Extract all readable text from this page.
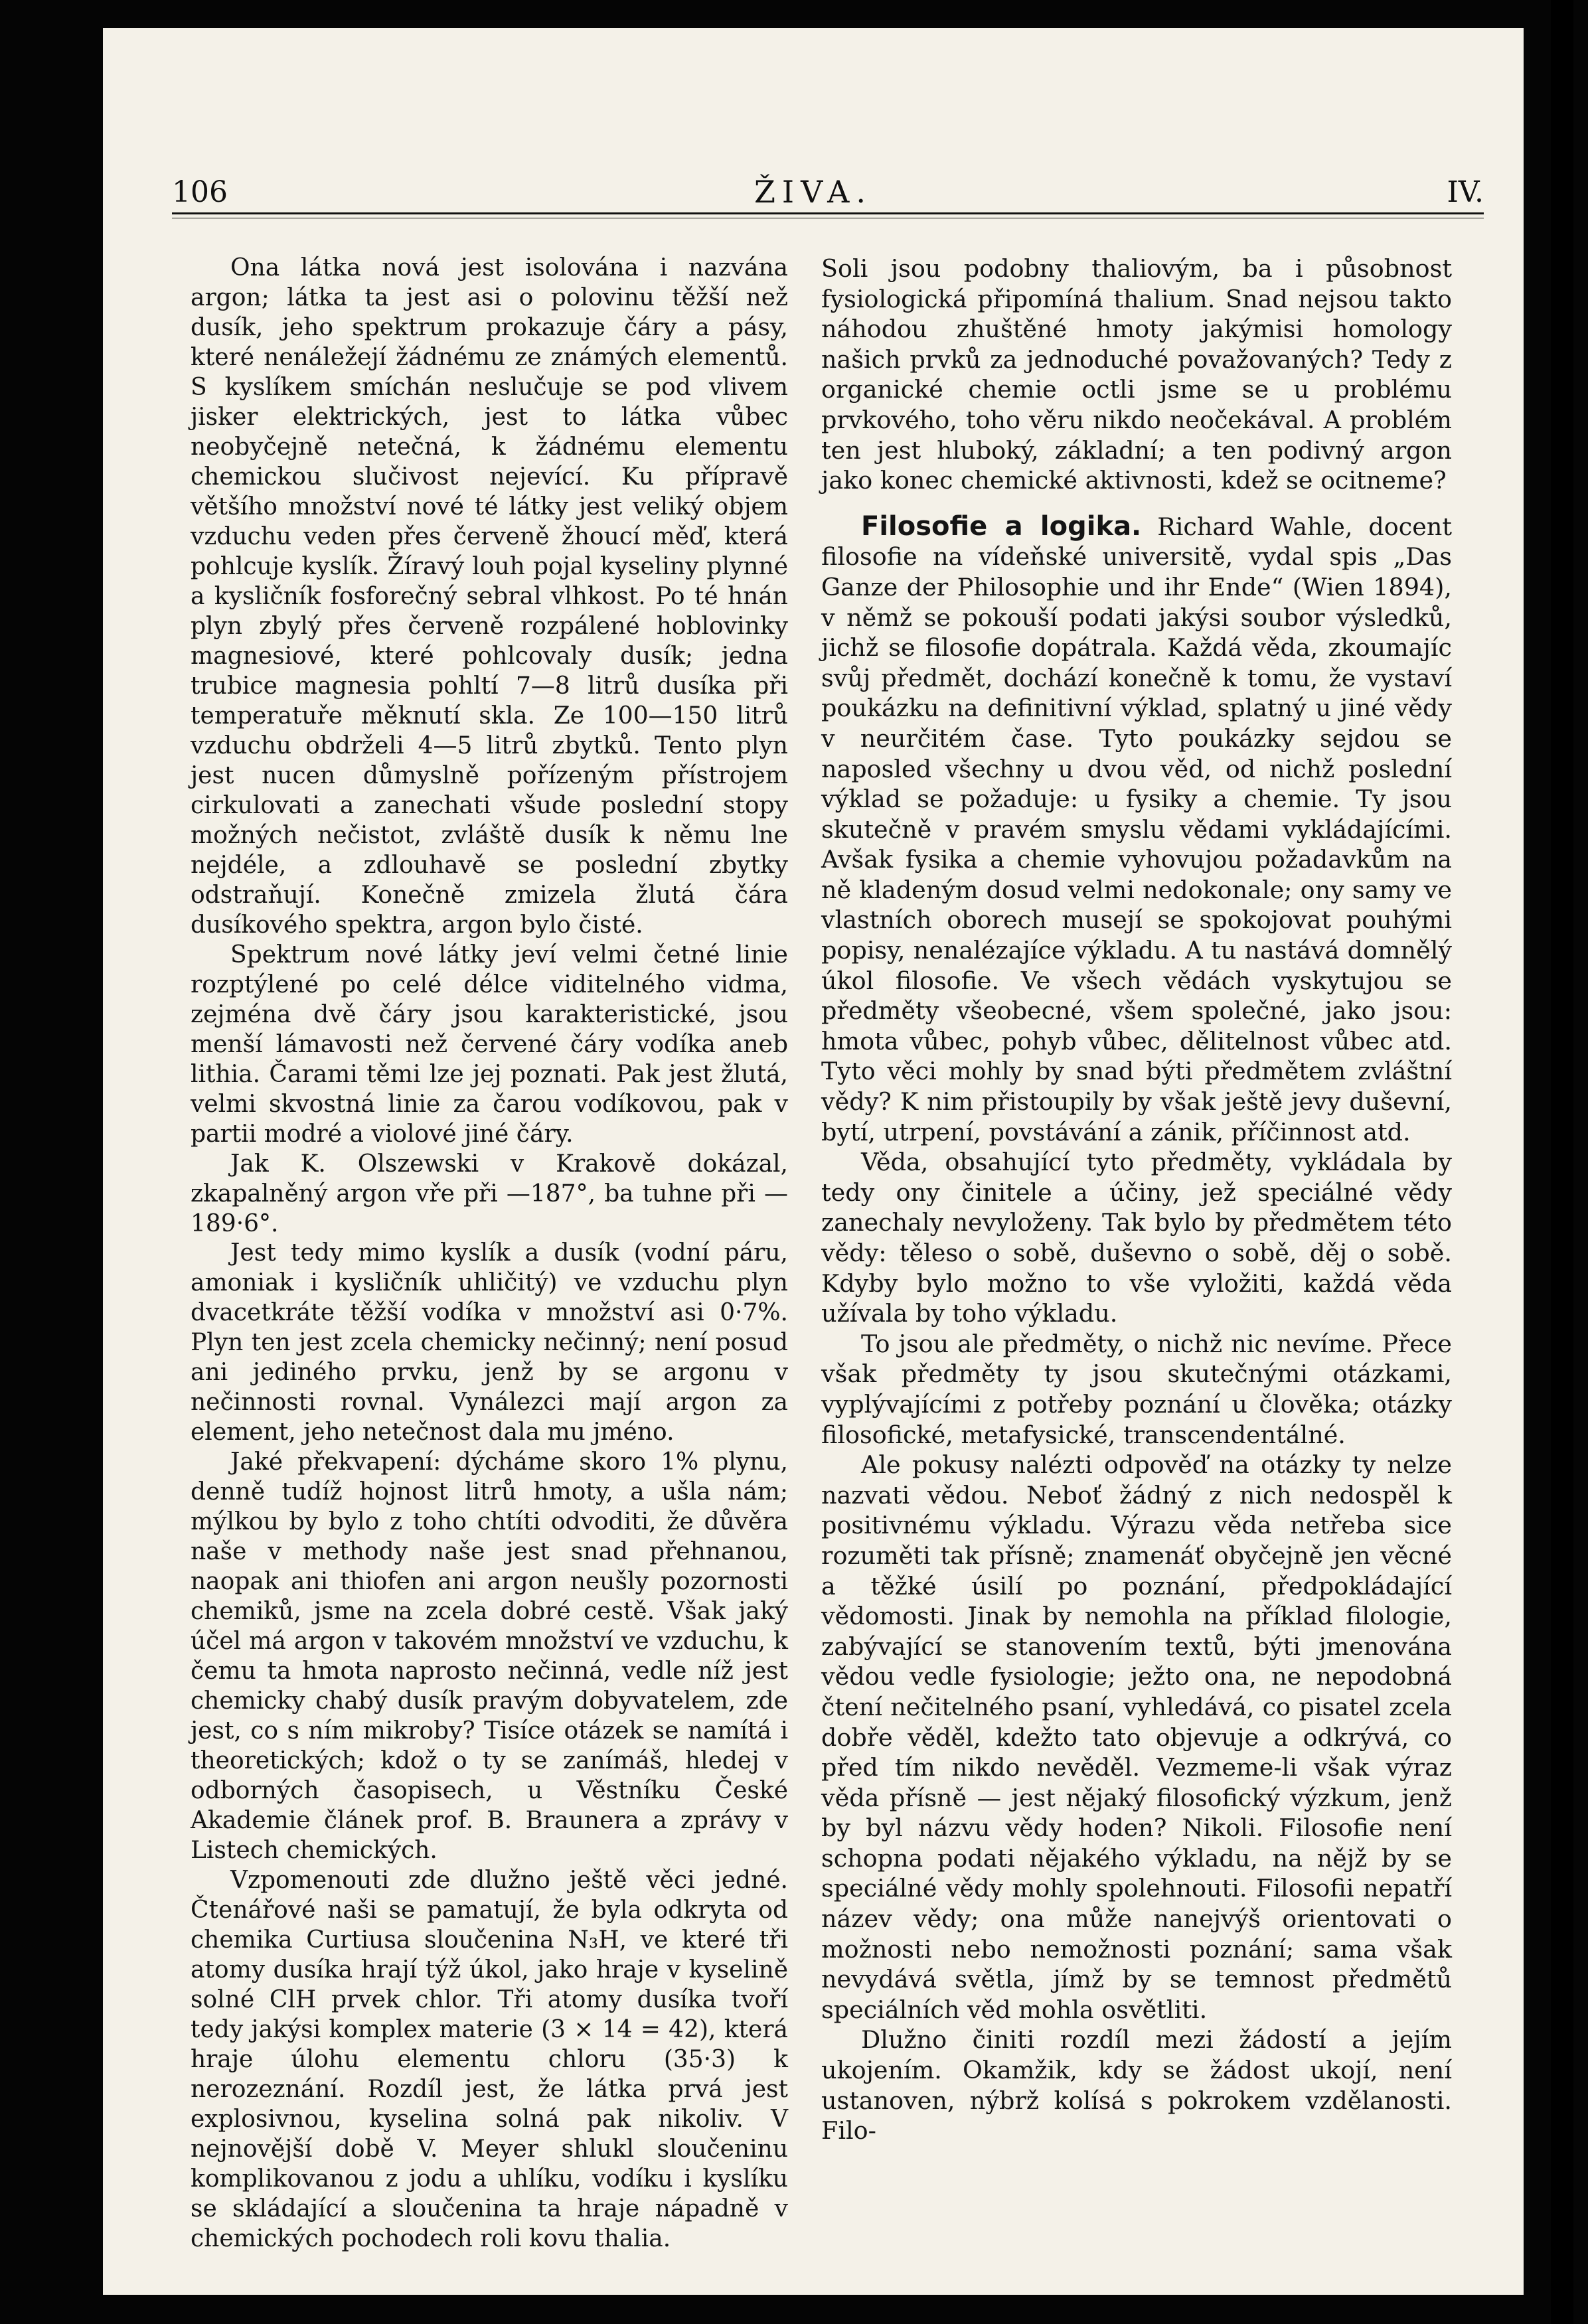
106	ŽIVA.	IV.

Ona látka nová jest isolována i nazvána argon; látka ta jest asi o polovinu těžší než dusík, jeho spektrum prokazuje čáry a pásy, které nenáležejí žádnému ze známých elementů. S kyslíkem smíchán neslučuje se pod vlivem jisker elektrických, jest to látka vůbec neobyčejně netečná, k žádnému elementu chemickou slučivost nejevící. Ku přípravě většího množství nové té látky jest veliký objem vzduchu veden přes červeně žhoucí měď, která pohlcuje kyslík. Žíravý louh pojal kyseliny plynné a kysličník fosforečný sebral vlhkost. Po té hnán plyn zbylý přes červeně rozpálené hoblovinky magnesiové, které pohlcovaly dusík; jedna trubice magnesia pohltí 7—8 litrů dusíka při temperatuře měknutí skla. Ze 100—150 litrů vzduchu obdrželi 4—5 litrů zbytků. Tento plyn jest nucen důmyslně pořízeným přístrojem cirkulovati a zanechati všude poslední stopy možných nečistot, zvláště dusík k němu lne nejdéle, a zdlouhavě se poslední zbytky odstraňují. Konečně zmizela žlutá čára dusíkového spektra, argon bylo čisté.

Spektrum nové látky jeví velmi četné linie rozptýlené po celé délce viditelného vidma, zejména dvě čáry jsou karakteristické, jsou menší lámavosti než červené čáry vodíka aneb lithia. Čarami těmi lze jej poznati. Pak jest žlutá, velmi skvostná linie za čarou vodíkovou, pak v partii modré a violové jiné čáry.

Jak K. Olszewski v Krakově dokázal, zkapalněný argon vře při —187°, ba tuhne při —189·6°.

Jest tedy mimo kyslík a dusík (vodní páru, amoniak i kysličník uhličitý) ve vzduchu plyn dvacetkráte těžší vodíka v množství asi 0·7%. Plyn ten jest zcela chemicky nečinný; není posud ani jediného prvku, jenž by se argonu v nečinnosti rovnal. Vynálezci mají argon za element, jeho netečnost dala mu jméno.

Jaké překvapení: dýcháme skoro 1% plynu, denně tudíž hojnost litrů hmoty, a ušla nám; mýlkou by bylo z toho chtíti odvoditi, že důvěra naše v methody naše jest snad přehnanou, naopak ani thiofen ani argon neušly pozornosti chemiků, jsme na zcela dobré cestě. Však jaký účel má argon v takovém množství ve vzduchu, k čemu ta hmota naprosto nečinná, vedle níž jest chemicky chabý dusík pravým dobyvatelem, zde jest, co s ním mikroby? Tisíce otázek se namítá i theoretických; kdož o ty se zanímáš, hledej v odborných časopisech, u Věstníku České Akademie článek prof. B. Braunera a zprávy v Listech chemických.

Vzpomenouti zde dlužno ještě věci jedné. Čtenářové naši se pamatují, že byla odkryta od chemika Curtiusa sloučenina N₃H, ve které tři atomy dusíka hrají týž úkol, jako hraje v kyselině solné ClH prvek chlor. Tři atomy dusíka tvoří tedy jakýsi komplex materie (3 × 14 = 42), která hraje úlohu elementu chloru (35·3) k nerozeznání. Rozdíl jest, že látka prvá jest explosivnou, kyselina solná pak nikoliv. V nejnovější době V. Meyer shlukl sloučeninu komplikovanou z jodu a uhlíku, vodíku i kyslíku se skládající a sloučenina ta hraje nápadně v chemických pochodech roli kovu thalia.

Soli jsou podobny thaliovým, ba i působnost fysiologická připomíná thalium. Snad nejsou takto náhodou zhuštěné hmoty jakýmisi homology našich prvků za jednoduché považovaných? Tedy z organické chemie octli jsme se u problému prvkového, toho věru nikdo neočekával. A problém ten jest hluboký, základní; a ten podivný argon jako konec chemické aktivnosti, kdež se ocitneme?

Filosofie a logika. Richard Wahle, docent filosofie na vídeňské universitě, vydal spis „Das Ganze der Philosophie und ihr Ende“ (Wien 1894), v němž se pokouší podati jakýsi soubor výsledků, jichž se filosofie dopátrala. Každá věda, zkoumajíc svůj předmět, dochází konečně k tomu, že vystaví poukázku na definitivní výklad, splatný u jiné vědy v neurčitém čase. Tyto poukázky sejdou se naposled všechny u dvou věd, od nichž poslední výklad se požaduje: u fysiky a chemie. Ty jsou skutečně v pravém smyslu vědami vykládajícími. Avšak fysika a chemie vyhovujou požadavkům na ně kladeným dosud velmi nedokonale; ony samy ve vlastních oborech musejí se spokojovat pouhými popisy, nenalézajíce výkladu. A tu nastává domnělý úkol filosofie. Ve všech vědách vyskytujou se předměty všeobecné, všem společné, jako jsou: hmota vůbec, pohyb vůbec, dělitelnost vůbec atd. Tyto věci mohly by snad býti předmětem zvláštní vědy? K nim přistoupily by však ještě jevy duševní, bytí, utrpení, povstávání a zánik, příčinnost atd.

Věda, obsahující tyto předměty, vykládala by tedy ony činitele a účiny, jež speciálné vědy zanechaly nevyloženy. Tak bylo by předmětem této vědy: těleso o sobě, duševno o sobě, děj o sobě. Kdyby bylo možno to vše vyložiti, každá věda užívala by toho výkladu.

To jsou ale předměty, o nichž nic nevíme. Přece však předměty ty jsou skutečnými otázkami, vyplývajícími z potřeby poznání u člověka; otázky filosofické, metafysické, transcendentálné.

Ale pokusy nalézti odpověď na otázky ty nelze nazvati vědou. Neboť žádný z nich nedospěl k positivnému výkladu. Výrazu věda netřeba sice rozuměti tak přísně; znamenáť obyčejně jen věcné a těžké úsilí po poznání, předpokládající vědomosti. Jinak by nemohla na příklad filologie, zabývající se stanovením textů, býti jmenována vědou vedle fysiologie; ježto ona, ne nepodobná čtení nečitelného psaní, vyhledává, co pisatel zcela dobře věděl, kdežto tato objevuje a odkrývá, co před tím nikdo nevěděl. Vezmeme-li však výraz věda přísně — jest nějaký filosofický výzkum, jenž by byl názvu vědy hoden? Nikoli. Filosofie není schopna podati nějakého výkladu, na nějž by se speciálné vědy mohly spolehnouti. Filosofii nepatří název vědy; ona může nanejvýš orientovati o možnosti nebo nemožnosti poznání; sama však nevydává světla, jímž by se temnost předmětů speciálních věd mohla osvětliti.

Dlužno činiti rozdíl mezi žádostí a jejím ukojením. Okamžik, kdy se žádost ukojí, není ustanoven, nýbrž kolísá s pokrokem vzdělanosti. Filo-
